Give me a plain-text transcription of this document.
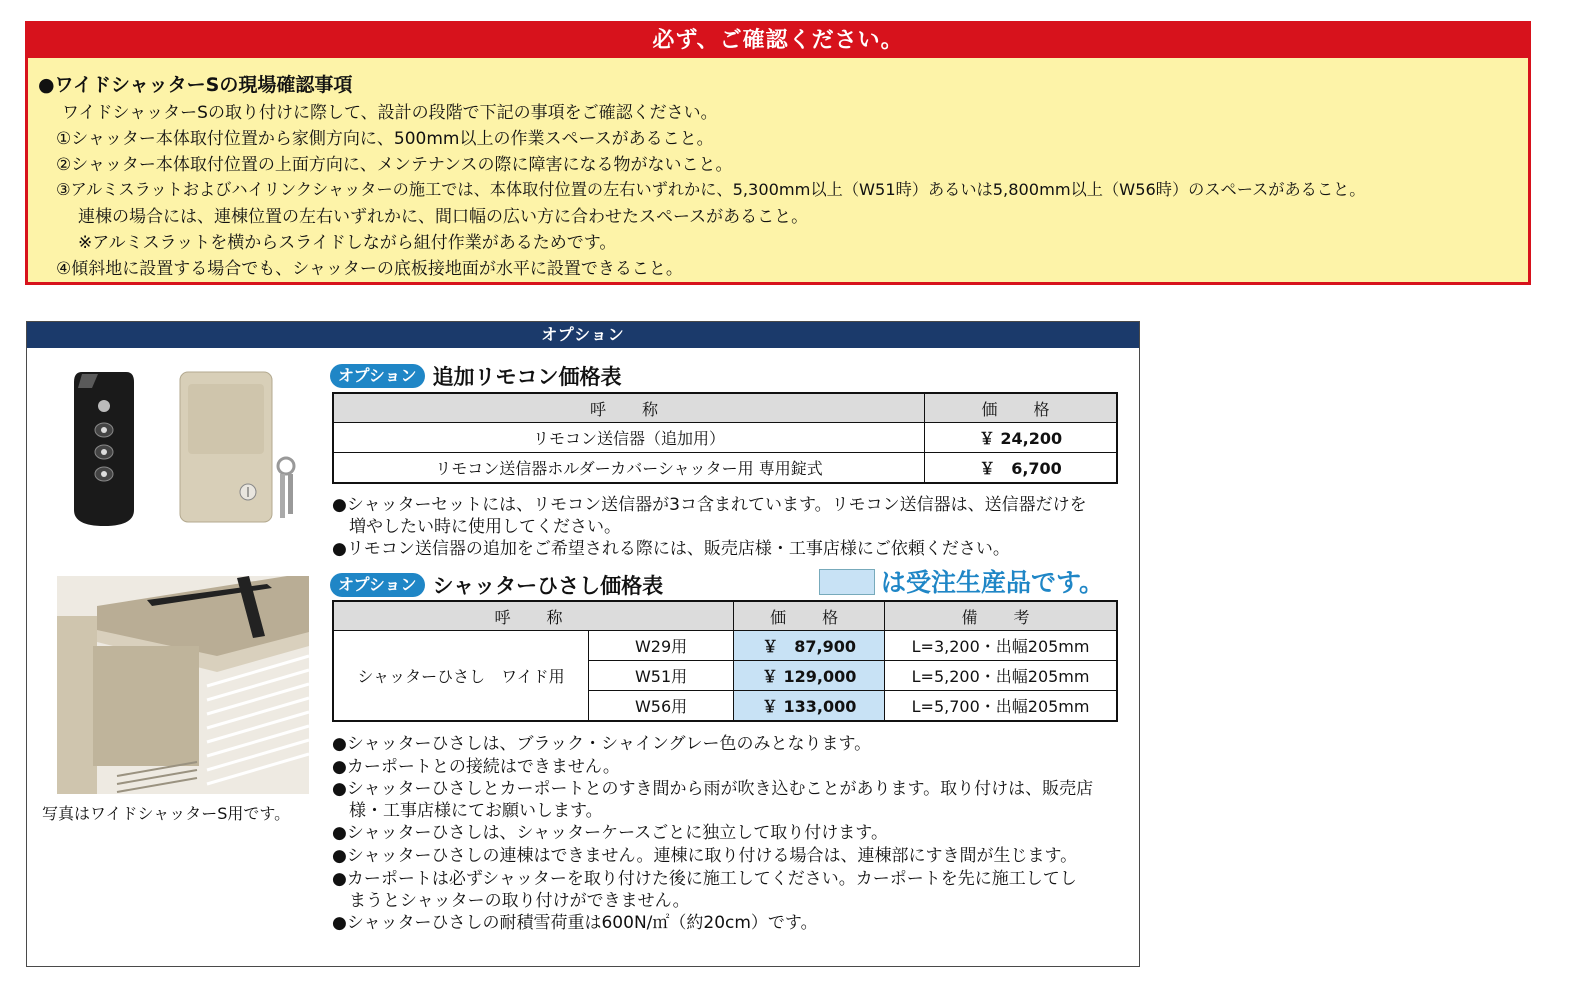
必ず、ご確認ください。
●ワイドシャッターSの現場確認事項
ワイドシャッターSの取り付けに際して、設計の段階で下記の事項をご確認ください。
①シャッター本体取付位置から家側方向に、500mm以上の作業スペースがあること。
②シャッター本体取付位置の上面方向に、メンテナンスの際に障害になる物がないこと。
③アルミスラットおよびハイリンクシャッターの施工では、本体取付位置の左右いずれかに、5,300mm以上（W51時）あるいは5,800mm以上（W56時）のスペースがあること。
連棟の場合には、連棟位置の左右いずれかに、間口幅の広い方に合わせたスペースがあること。
※アルミスラットを横からスライドしながら組付作業があるためです。
④傾斜地に設置する場合でも、シャッターの底板接地面が水平に設置できること。
オプション
写真はワイドシャッターS用です。
オプション 追加リモコン価格表
呼　称	価　格
リモコン送信器（追加用）	￥ 24,200
リモコン送信器ホルダーカバーシャッター用 専用錠式	￥　6,700
●シャッターセットには、リモコン送信器が3コ含まれています。リモコン送信器は、送信器だけを
増やしたい時に使用してください。
●リモコン送信器の追加をご希望される際には、販売店様・工事店様にご依頼ください。
オプション シャッターひさし価格表	は受注生産品です。
呼　称		価　格	備　考
シャッターひさし　ワイド用	W29用	￥　87,900	L=3,200・出幅205mm
	W51用	￥ 129,000	L=5,200・出幅205mm
	W56用	￥ 133,000	L=5,700・出幅205mm
●シャッターひさしは、ブラック・シャイングレー色のみとなります。
●カーポートとの接続はできません。
●シャッターひさしとカーポートとのすき間から雨が吹き込むことがあります。取り付けは、販売店
様・工事店様にてお願いします。
●シャッターひさしは、シャッターケースごとに独立して取り付けます。
●シャッターひさしの連棟はできません。連棟に取り付ける場合は、連棟部にすき間が生じます。
●カーポートは必ずシャッターを取り付けた後に施工してください。カーポートを先に施工してし
まうとシャッターの取り付けができません。
●シャッターひさしの耐積雪荷重は600N/㎡（約20cm）です。
